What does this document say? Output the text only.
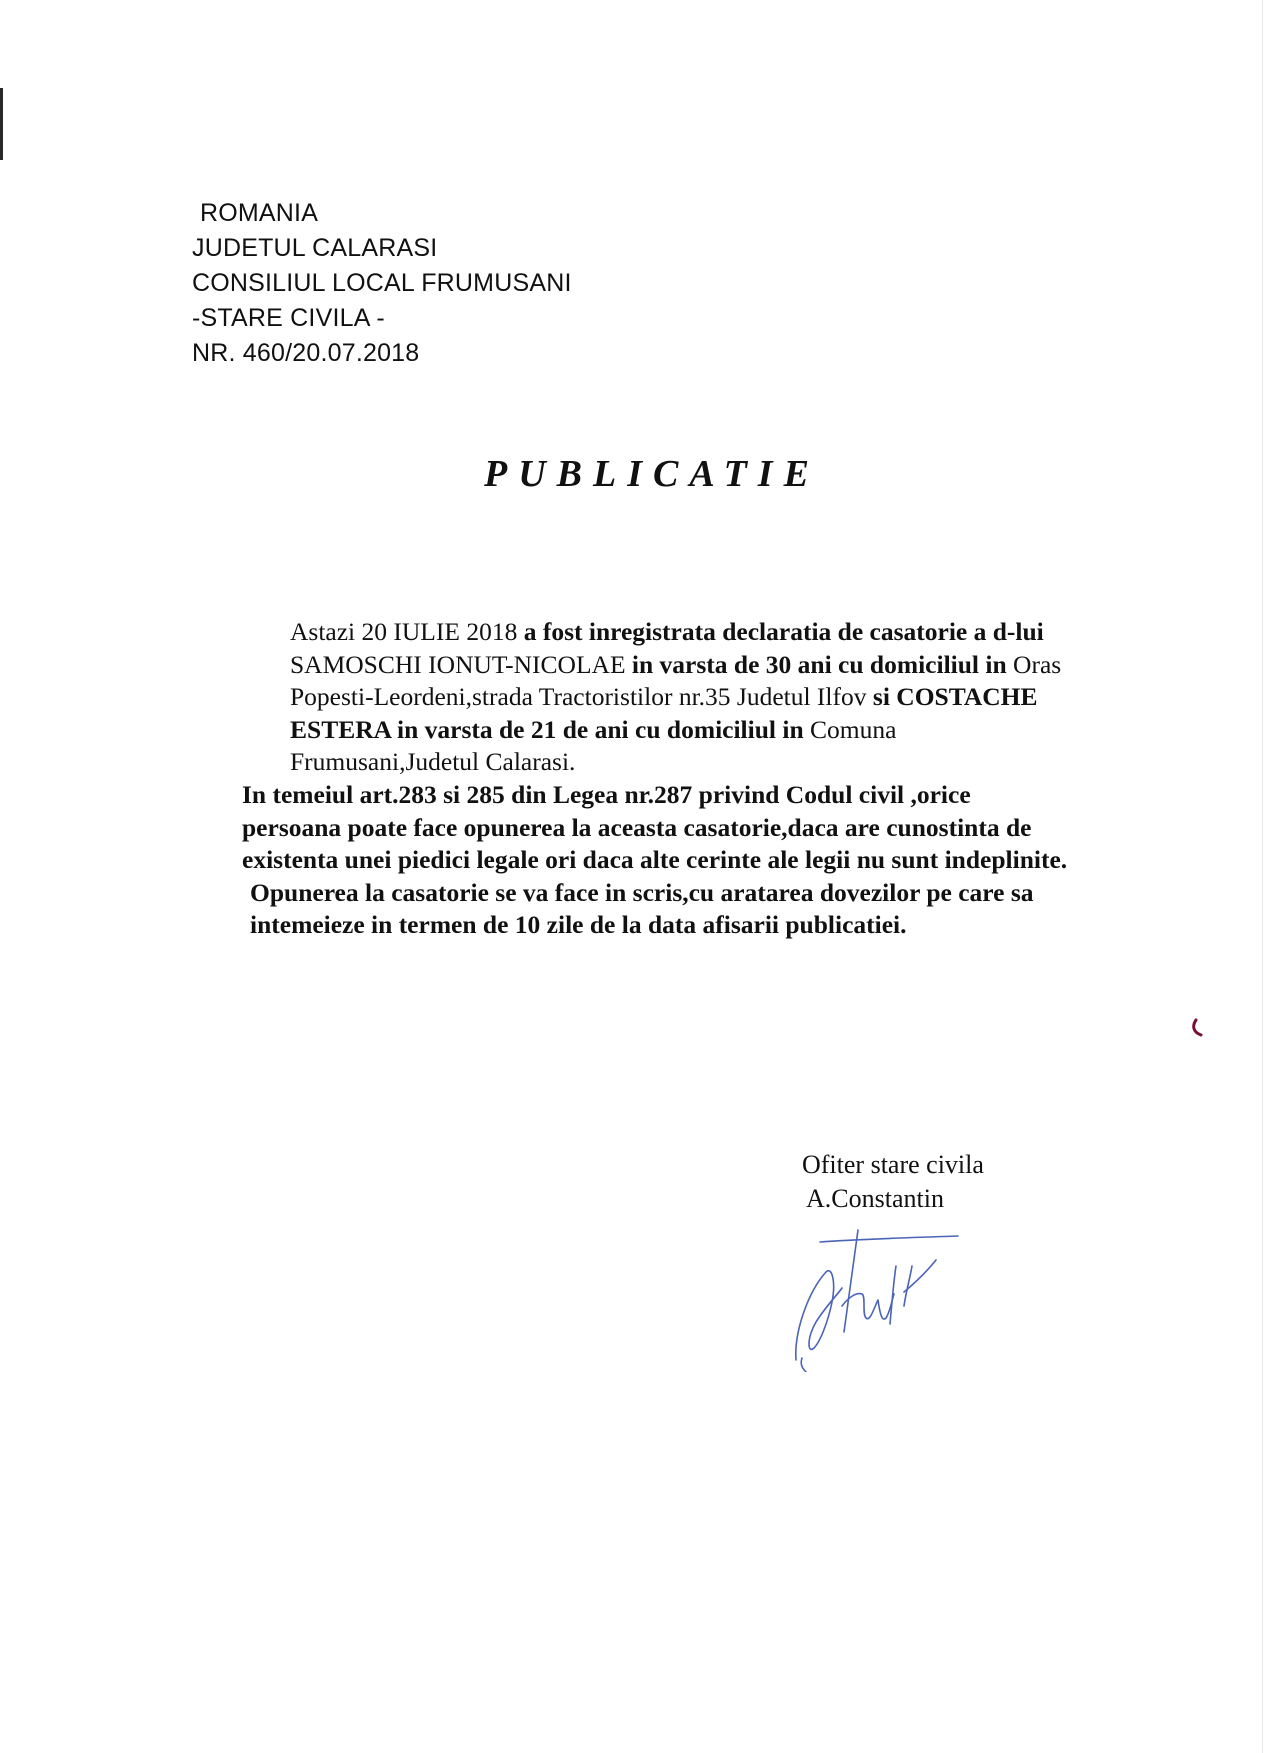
ROMANIA
JUDETUL CALARASI
CONSILIUL LOCAL FRUMUSANI
-STARE CIVILA -
NR. 460/20.07.2018
PUBLICATIE

Astazi 20 IULIE 2018 a fost inregistrata declaratia de casatorie a d-lui SAMOSCHI IONUT-NICOLAE in varsta de 30 ani cu domiciliul in Oras Popesti-Leordeni,strada Tractoristilor nr.35 Judetul Ilfov si COSTACHE ESTERA in varsta de 21 de ani cu domiciliul in Comuna Frumusani,Judetul Calarasi.

In temeiul art.283 si 285 din Legea nr.287 privind Codul civil ,orice persoana poate face opunerea la aceasta casatorie,daca are cunostinta de existenta unei piedici legale ori daca alte cerinte ale legii nu sunt indeplinite.

Opunerea la casatorie se va face in scris,cu aratarea dovezilor pe care sa intemeieze in termen de 10 zile de la data afisarii publicatiei.

Ofiter stare civila
A.Constantin
